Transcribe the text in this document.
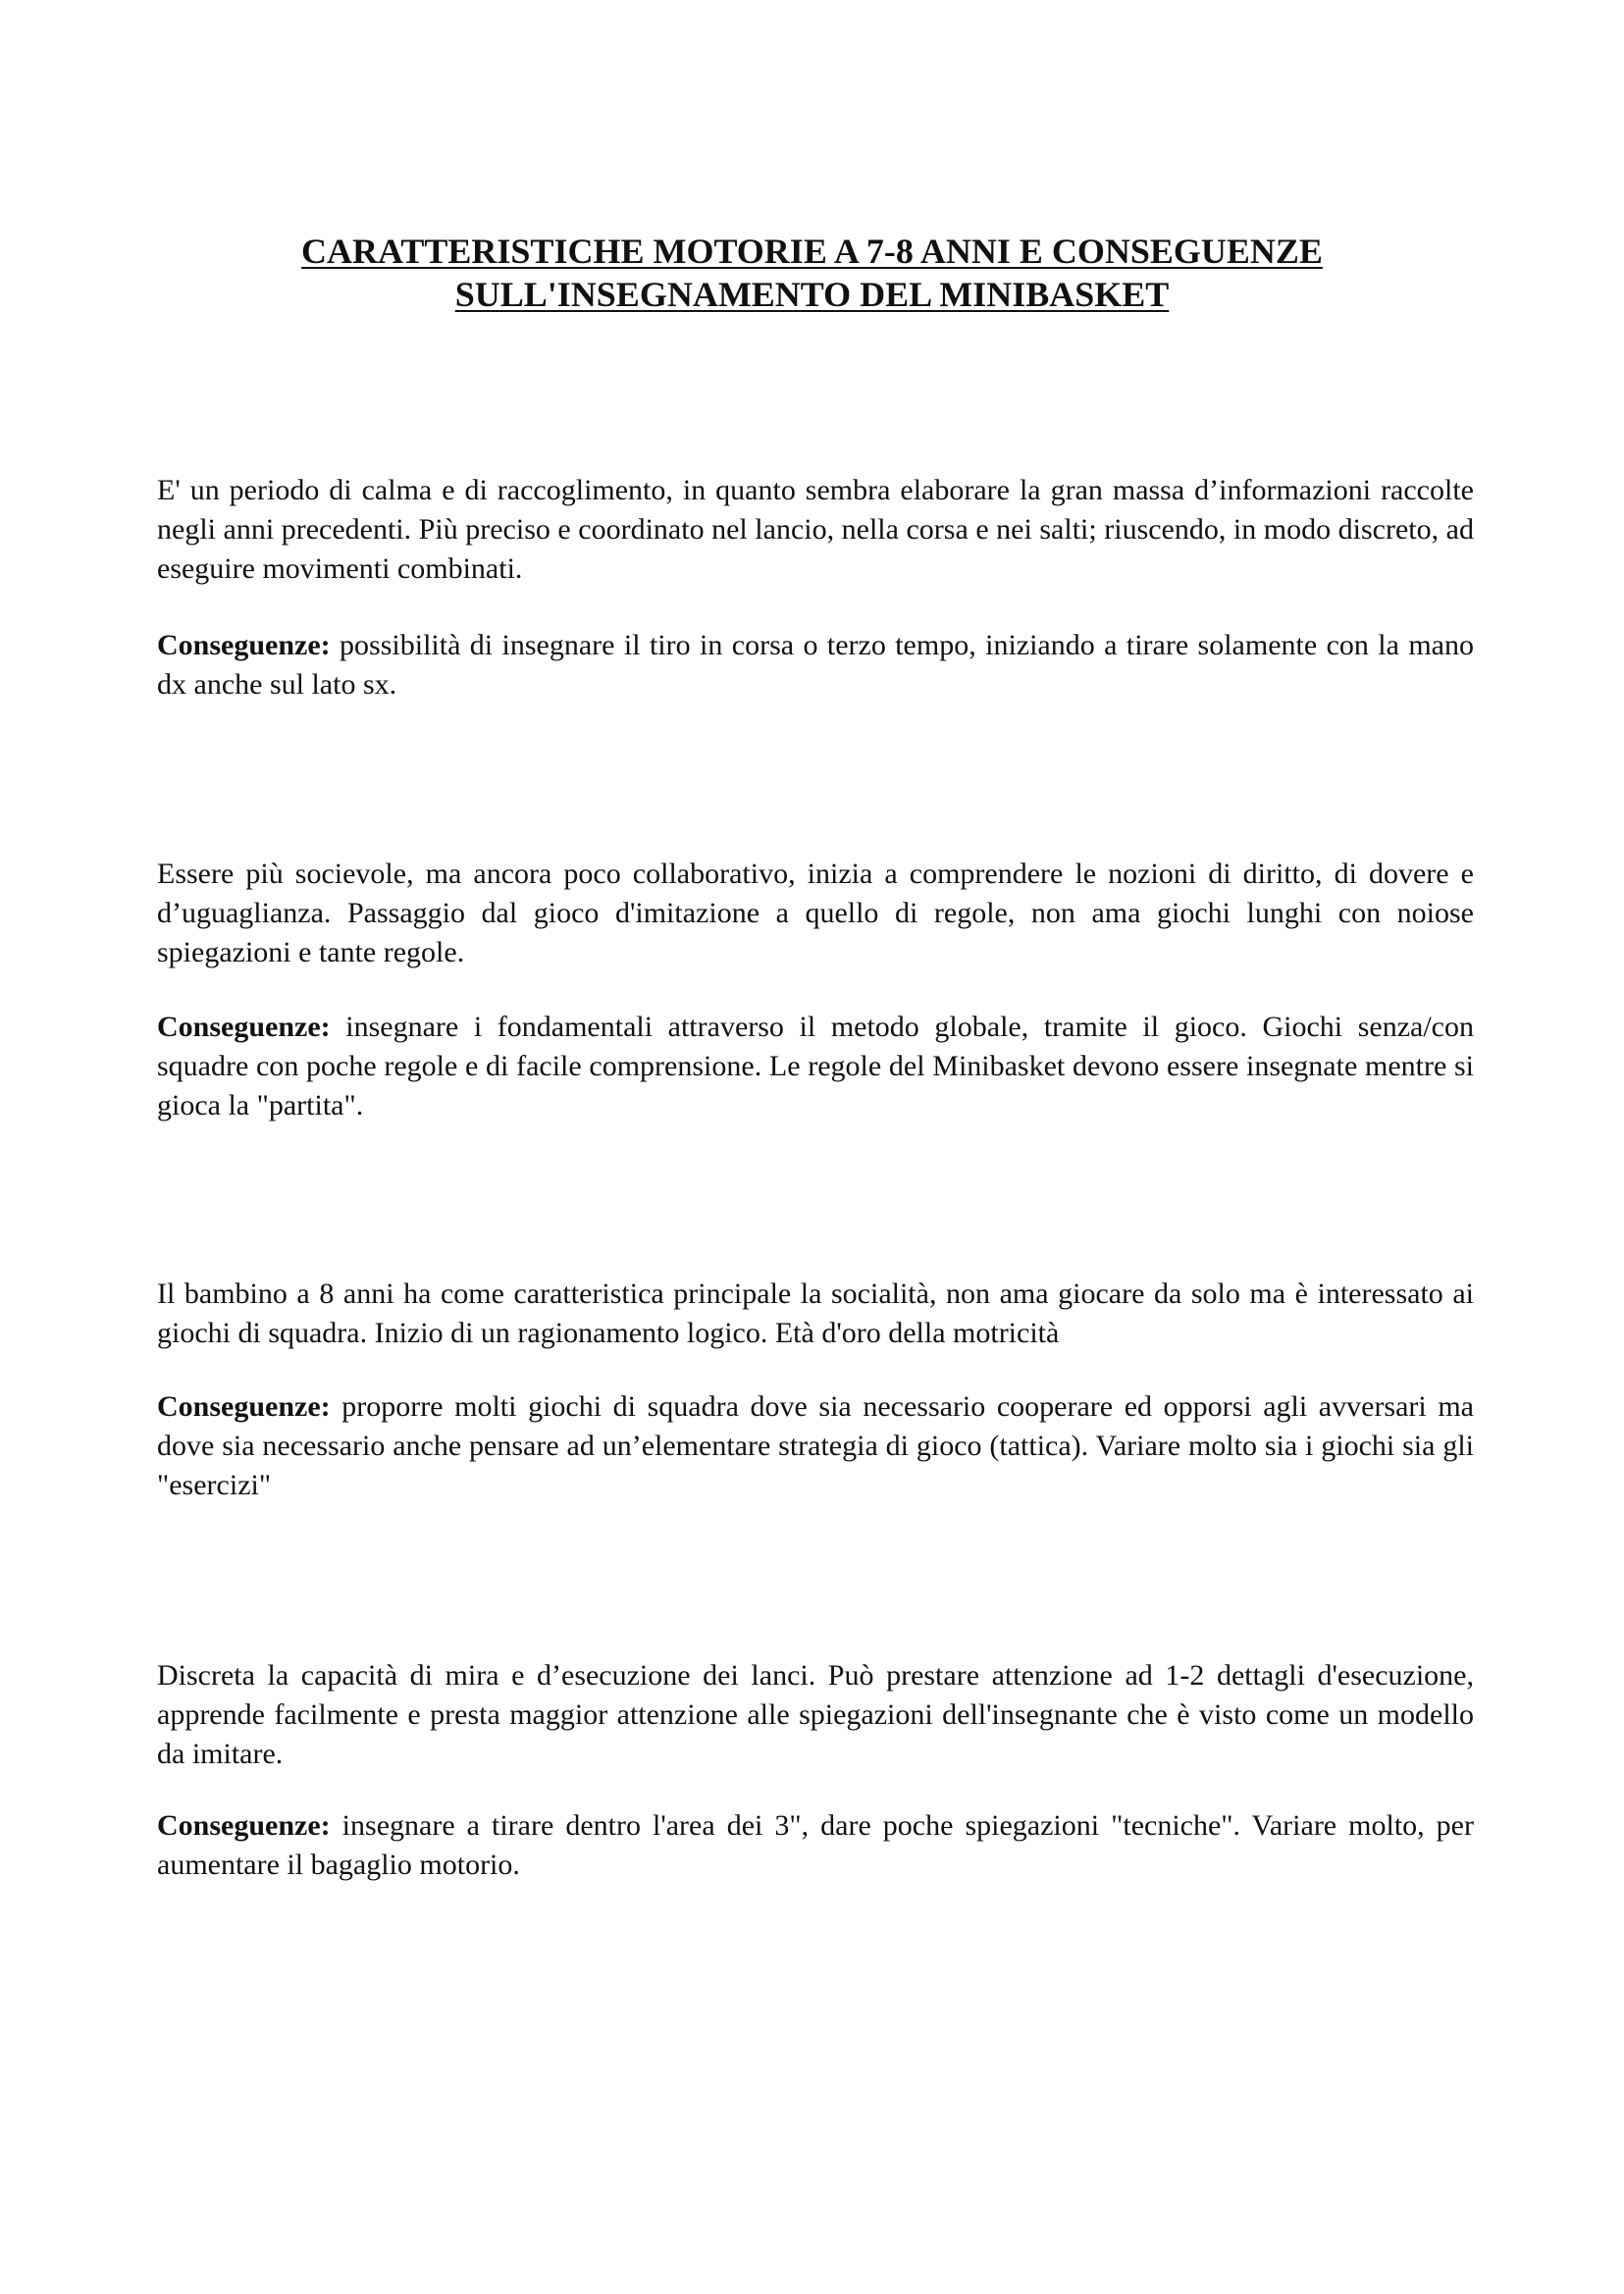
CARATTERISTICHE MOTORIE A 7-8 ANNI E CONSEGUENZE
SULL'INSEGNAMENTO DEL MINIBASKET

E' un periodo di calma e di raccoglimento, in quanto sembra elaborare la gran massa d’informazioni raccolte negli anni precedenti. Più preciso e coordinato nel lancio, nella corsa e nei salti; riuscendo, in modo discreto, ad eseguire movimenti combinati.

Conseguenze: possibilità di insegnare il tiro in corsa o terzo tempo, iniziando a tirare solamente con la mano dx anche sul lato sx.

Essere più socievole, ma ancora poco collaborativo, inizia a comprendere le nozioni di diritto, di dovere e d’uguaglianza. Passaggio dal gioco d'imitazione a quello di regole, non ama giochi lunghi con noiose spiegazioni e tante regole.

Conseguenze: insegnare i fondamentali attraverso il metodo globale, tramite il gioco. Giochi senza/con squadre con poche regole e di facile comprensione. Le regole del Minibasket devono essere insegnate mentre si gioca la "partita".

Il bambino a 8 anni ha come caratteristica principale la socialità, non ama giocare da solo ma è interessato ai giochi di squadra. Inizio di un ragionamento logico. Età d'oro della motricità

Conseguenze: proporre molti giochi di squadra dove sia necessario cooperare ed opporsi agli avversari ma dove sia necessario anche pensare ad un’elementare strategia di gioco (tattica). Variare molto sia i giochi sia gli "esercizi"

Discreta la capacità di mira e d’esecuzione dei lanci. Può prestare attenzione ad 1-2 dettagli d'esecuzione, apprende facilmente e presta maggior attenzione alle spiegazioni dell'insegnante che è visto come un modello da imitare.

Conseguenze: insegnare a tirare dentro l'area dei 3", dare poche spiegazioni "tecniche". Variare molto, per aumentare il bagaglio motorio.
